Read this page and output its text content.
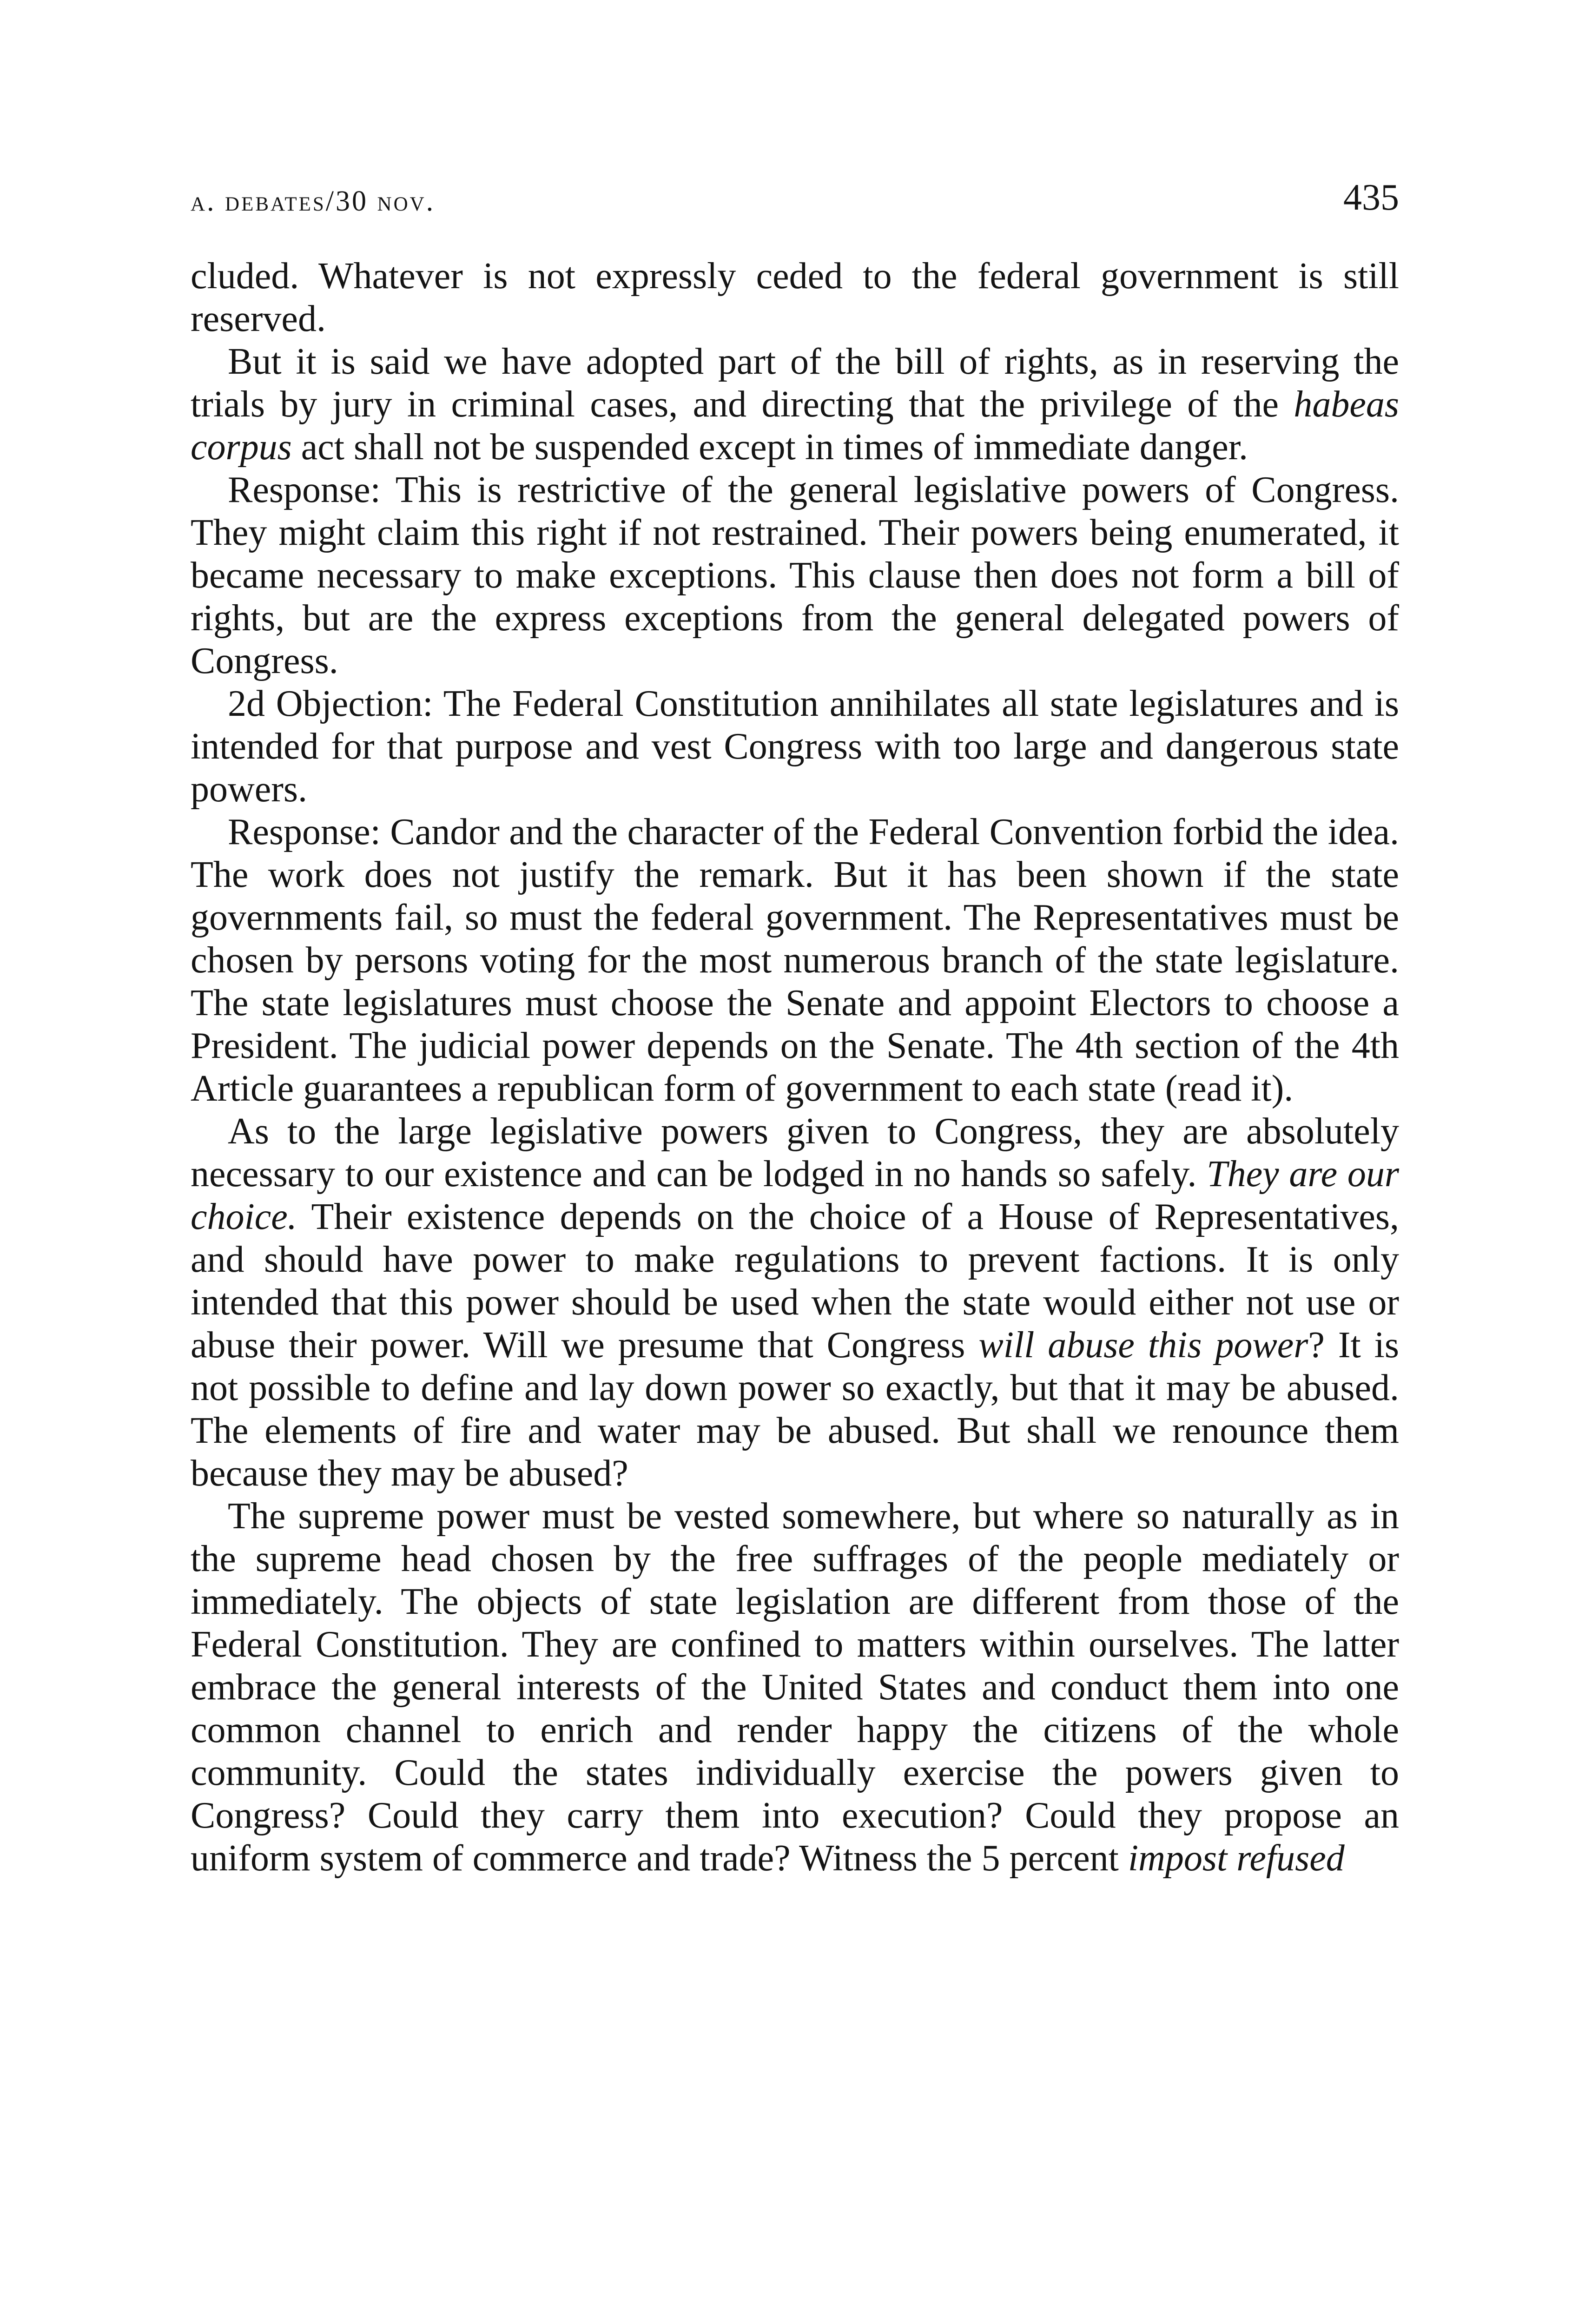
a. debates/30 nov.	435

cluded. Whatever is not expressly ceded to the federal government is still reserved.

But it is said we have adopted part of the bill of rights, as in reserving the trials by jury in criminal cases, and directing that the privilege of the habeas corpus act shall not be suspended except in times of immediate danger.

Response: This is restrictive of the general legislative powers of Congress. They might claim this right if not restrained. Their powers being enumerated, it became necessary to make exceptions. This clause then does not form a bill of rights, but are the express exceptions from the general delegated powers of Congress.

2d Objection: The Federal Constitution annihilates all state legislatures and is intended for that purpose and vest Congress with too large and dangerous state powers.

Response: Candor and the character of the Federal Convention forbid the idea. The work does not justify the remark. But it has been shown if the state governments fail, so must the federal government. The Representatives must be chosen by persons voting for the most numerous branch of the state legislature. The state legislatures must choose the Senate and appoint Electors to choose a President. The judicial power depends on the Senate. The 4th section of the 4th Article guarantees a republican form of government to each state (read it).

As to the large legislative powers given to Congress, they are absolutely necessary to our existence and can be lodged in no hands so safely. They are our choice. Their existence depends on the choice of a House of Representatives, and should have power to make regulations to prevent factions. It is only intended that this power should be used when the state would either not use or abuse their power. Will we presume that Congress will abuse this power? It is not possible to define and lay down power so exactly, but that it may be abused. The elements of fire and water may be abused. But shall we renounce them because they may be abused?

The supreme power must be vested somewhere, but where so naturally as in the supreme head chosen by the free suffrages of the people mediately or immediately. The objects of state legislation are different from those of the Federal Constitution. They are confined to matters within ourselves. The latter embrace the general interests of the United States and conduct them into one common channel to enrich and render happy the citizens of the whole community. Could the states individually exercise the powers given to Congress? Could they carry them into execution? Could they propose an uniform system of commerce and trade? Witness the 5 percent impost refused
